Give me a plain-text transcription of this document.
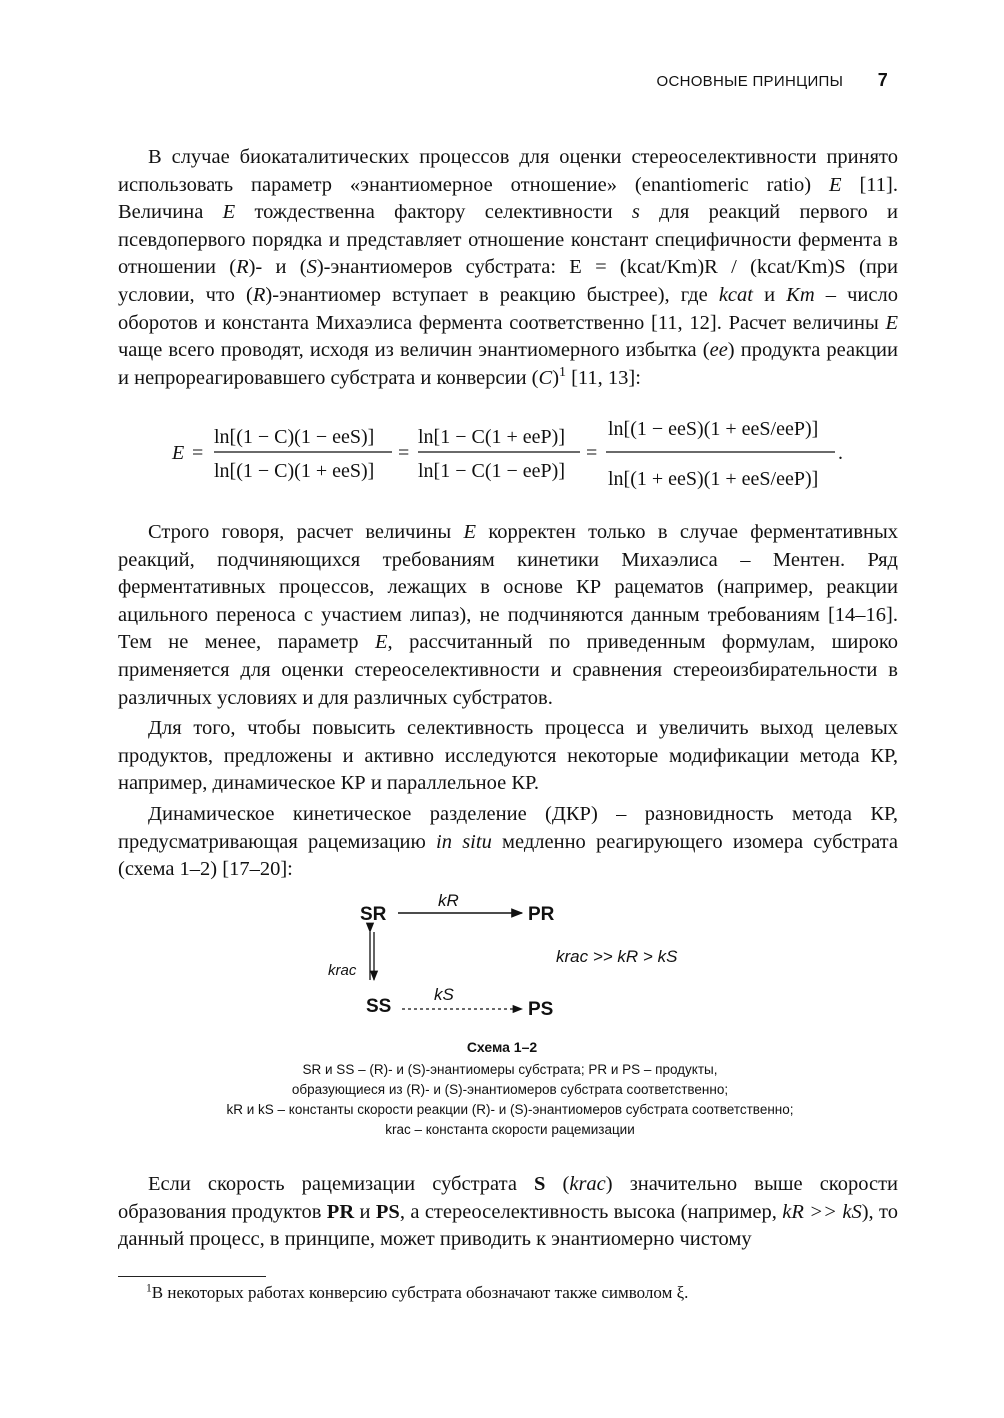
ОСНОВНЫЕ ПРИНЦИПЫ 7

В случае биокаталитических процессов для оценки стереоселективности принято использовать параметр «энантиомерное отношение» (enantiomeric ratio) E [11]. Величина E тождественна фактору селективности s для реакций первого и псевдопервого порядка и представляет отношение констант специфичности фермента в отношении (R)- и (S)-энантиомеров субстрата: E = (kcat/Km)R / (kcat/Km)S (при условии, что (R)-энантиомер вступает в реакцию быстрее), где kcat и Km – число оборотов и константа Михаэлиса фермента соответственно [11, 12]. Расчет величины E чаще всего проводят, исходя из величин энантиомерного избытка (ee) продукта реакции и непрореагировавшего субстрата и конверсии $(C)^1$ [11, 13]:

E =
ln[(1 − C)(1 − eeS)]
ln[(1 − C)(1 + eeS)]
=
ln[1 − C(1 + eeP)]
ln[1 − C(1 − eeP)]
=
ln[(1 − eeS)(1 + eeS/eeP)]
ln[(1 + eeS)(1 + eeS/eeP)]
.

Строго говоря, расчет величины E корректен только в случае ферментативных реакций, подчиняющихся требованиям кинетики Михаэлиса – Ментен. Ряд ферментативных процессов, лежащих в основе КР рацематов (например, реакции ацильного переноса с участием липаз), не подчиняются данным требованиям [14–16]. Тем не менее, параметр E, рассчитанный по приведенным формулам, широко применяется для оценки стереоселективности и сравнения стереоизбирательности в различных условиях и для различных субстратов.

Для того, чтобы повысить селективность процесса и увеличить выход целевых продуктов, предложены и активно исследуются некоторые модификации метода КР, например, динамическое КР и параллельное КР.

Динамическое кинетическое разделение (ДКР) – разновидность метода КР, предусматривающая рацемизацию in situ медленно реагирующего изомера субстрата (схема 1–2) [17–20]:

SR	PR
kR
krac
krac >> kR > kS
SS	PS
kS
Схема 1–2
SR и SS – (R)- и (S)-энантиомеры субстрата; PR и PS – продукты,
образующиеся из (R)- и (S)-энантиомеров субстрата соответственно;
kR и kS – константы скорости реакции (R)- и (S)-энантиомеров субстрата соответственно;
krac – константа скорости рацемизации

Если скорость рацемизации субстрата S (krac) значительно выше скорости образования продуктов PR и PS, а стереоселективность высока (например, kR >> kS), то данный процесс, в принципе, может приводить к энантиомерно чистому

$^1$В некоторых работах конверсию субстрата обозначают также символом ξ.
